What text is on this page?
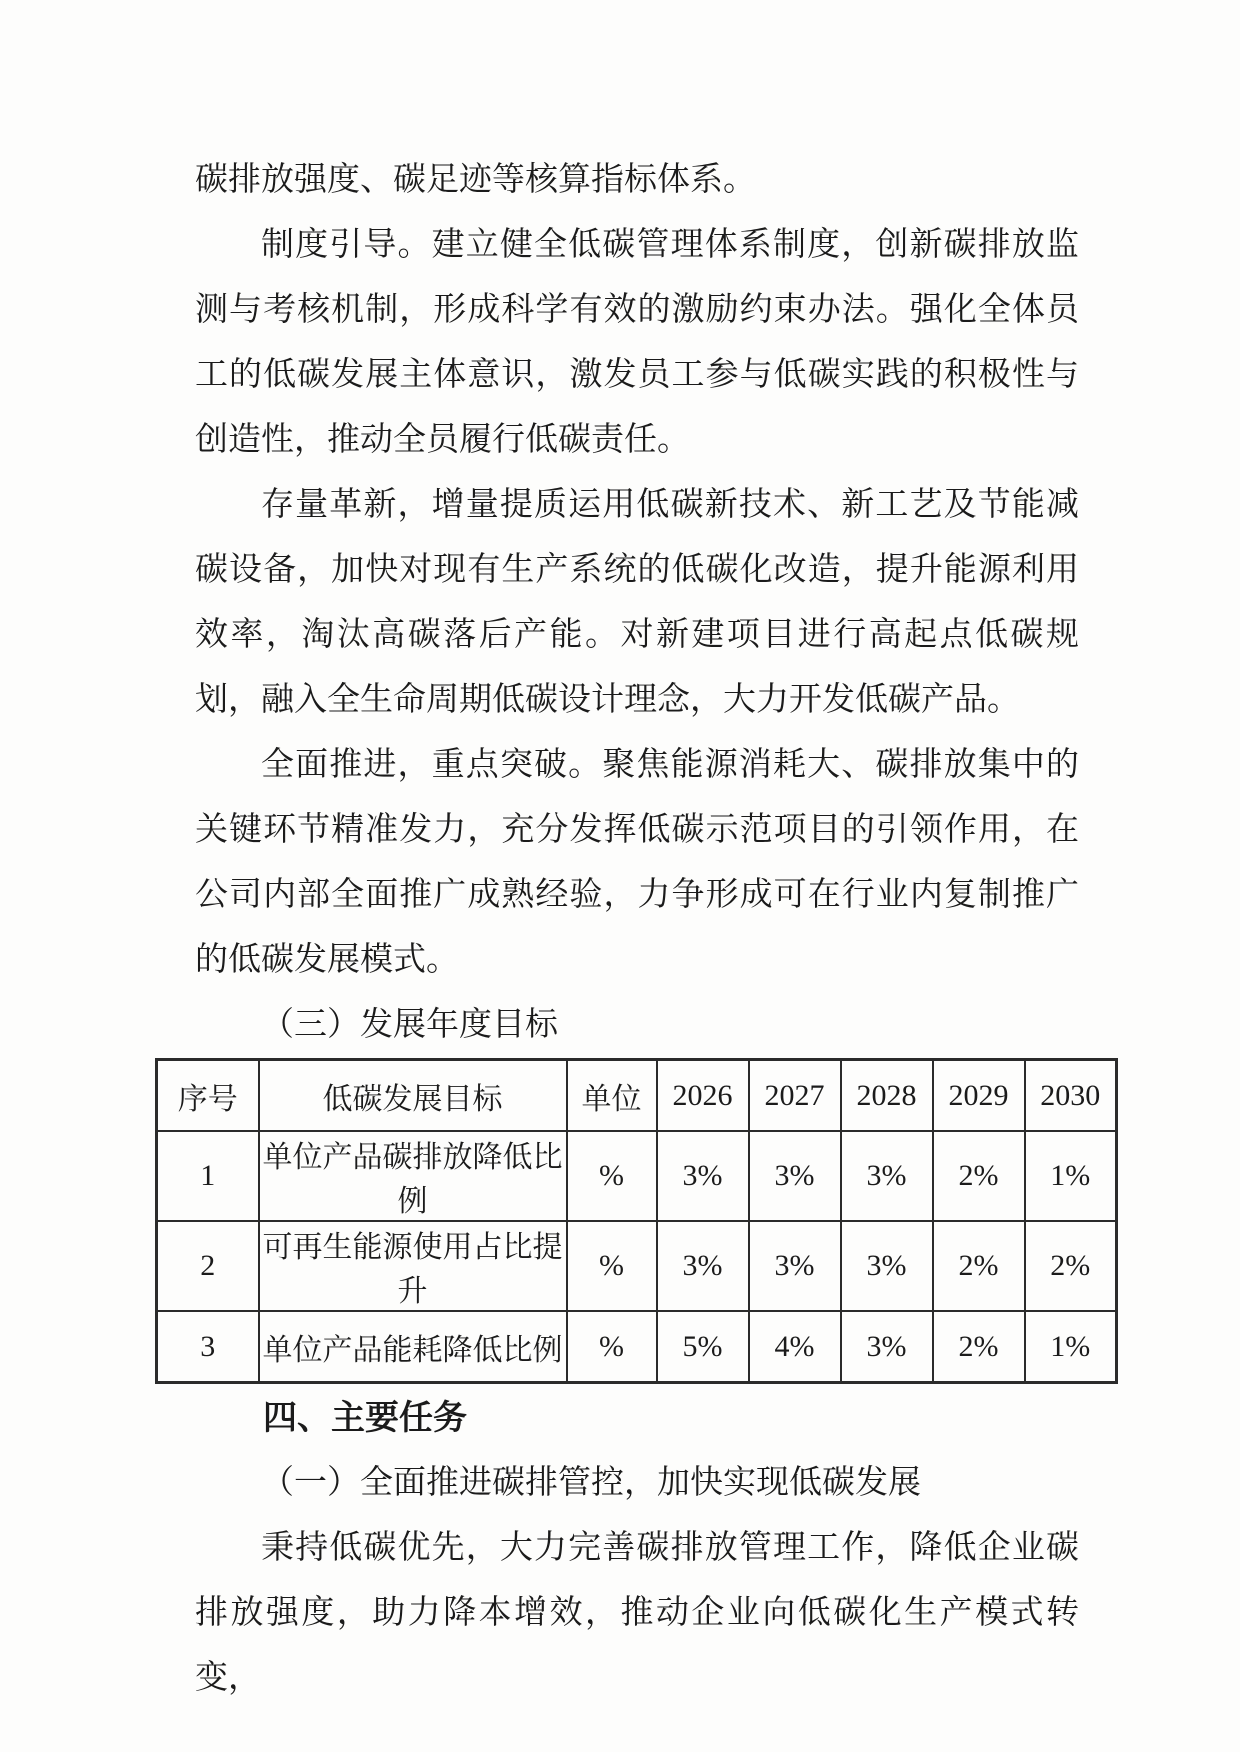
碳排放强度、碳足迹等核算指标体系。

制度引导。建立健全低碳管理体系制度，创新碳排放监测与考核机制，形成科学有效的激励约束办法。强化全体员工的低碳发展主体意识，激发员工参与低碳实践的积极性与创造性，推动全员履行低碳责任。

存量革新，增量提质运用低碳新技术、新工艺及节能减碳设备，加快对现有生产系统的低碳化改造，提升能源利用效率，淘汰高碳落后产能。对新建项目进行高起点低碳规划，融入全生命周期低碳设计理念，大力开发低碳产品。

全面推进，重点突破。聚焦能源消耗大、碳排放集中的关键环节精准发力，充分发挥低碳示范项目的引领作用，在公司内部全面推广成熟经验，力争形成可在行业内复制推广的低碳发展模式。

（三）发展年度目标

序号	低碳发展目标	单位	2026	2027	2028	2029	2030
1	单位产品碳排放降低比例	%	3%	3%	3%	2%	1%
2	可再生能源使用占比提升	%	3%	3%	3%	2%	2%
3	单位产品能耗降低比例	%	5%	4%	3%	2%	1%

四、主要任务

（一）全面推进碳排管控，加快实现低碳发展

秉持低碳优先，大力完善碳排放管理工作，降低企业碳排放强度，助力降本增效，推动企业向低碳化生产模式转变，
